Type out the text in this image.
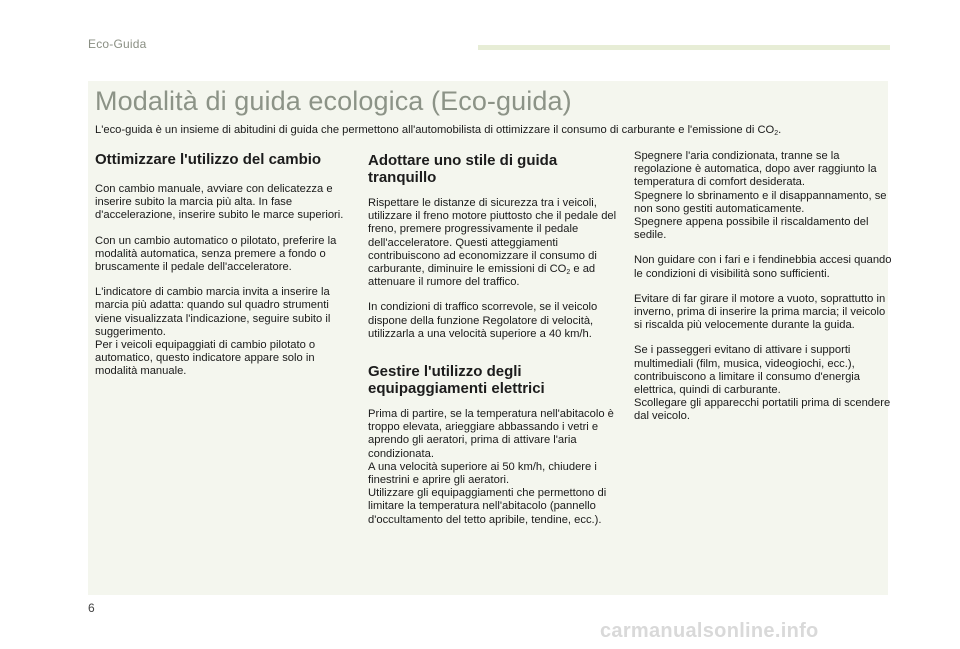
Eco-Guida
Modalità di guida ecologica (Eco-guida)

L'eco-guida è un insieme di abitudini di guida che permettono all'automobilista di ottimizzare il consumo di carburante e l'emissione di $CO_2$.

Ottimizzare l'utilizzo del cambio

Con cambio manuale, avviare con delicatezza e inserire subito la marcia più alta. In fase d'accelerazione, inserire subito le marce superiori.

Con un cambio automatico o pilotato, preferire la modalità automatica, senza premere a fondo o bruscamente il pedale dell'acceleratore.

L'indicatore di cambio marcia invita a inserire la marcia più adatta: quando sul quadro strumenti viene visualizzata l'indicazione, seguire subito il suggerimento.
Per i veicoli equipaggiati di cambio pilotato o automatico, questo indicatore appare solo in modalità manuale.

Adottare uno stile di guida tranquillo

Rispettare le distanze di sicurezza tra i veicoli, utilizzare il freno motore piuttosto che il pedale del freno, premere progressivamente il pedale dell'acceleratore. Questi atteggiamenti contribuiscono ad economizzare il consumo di carburante, diminuire le emissioni di $CO_2$ e ad attenuare il rumore del traffico.

In condizioni di traffico scorrevole, se il veicolo dispone della funzione Regolatore di velocità, utilizzarla a una velocità superiore a 40 km/h.

Gestire l'utilizzo degli equipaggiamenti elettrici

Prima di partire, se la temperatura nell'abitacolo è troppo elevata, arieggiare abbassando i vetri e aprendo gli aeratori, prima di attivare l'aria condizionata.
A una velocità superiore ai 50 km/h, chiudere i finestrini e aprire gli aeratori.
Utilizzare gli equipaggiamenti che permettono di limitare la temperatura nell'abitacolo (pannello d'occultamento del tetto apribile, tendine, ecc.).

Spegnere l'aria condizionata, tranne se la regolazione è automatica, dopo aver raggiunto la temperatura di comfort desiderata.
Spegnere lo sbrinamento e il disappannamento, se non sono gestiti automaticamente.
Spegnere appena possibile il riscaldamento del sedile.

Non guidare con i fari e i fendinebbia accesi quando le condizioni di visibilità sono sufficienti.

Evitare di far girare il motore a vuoto, soprattutto in inverno, prima di inserire la prima marcia; il veicolo si riscalda più velocemente durante la guida.

Se i passeggeri evitano di attivare i supporti multimediali (film, musica, videogiochi, ecc.), contribuiscono a limitare il consumo d'energia elettrica, quindi di carburante.
Scollegare gli apparecchi portatili prima di scendere dal veicolo.

6
carmanualsonline.info
